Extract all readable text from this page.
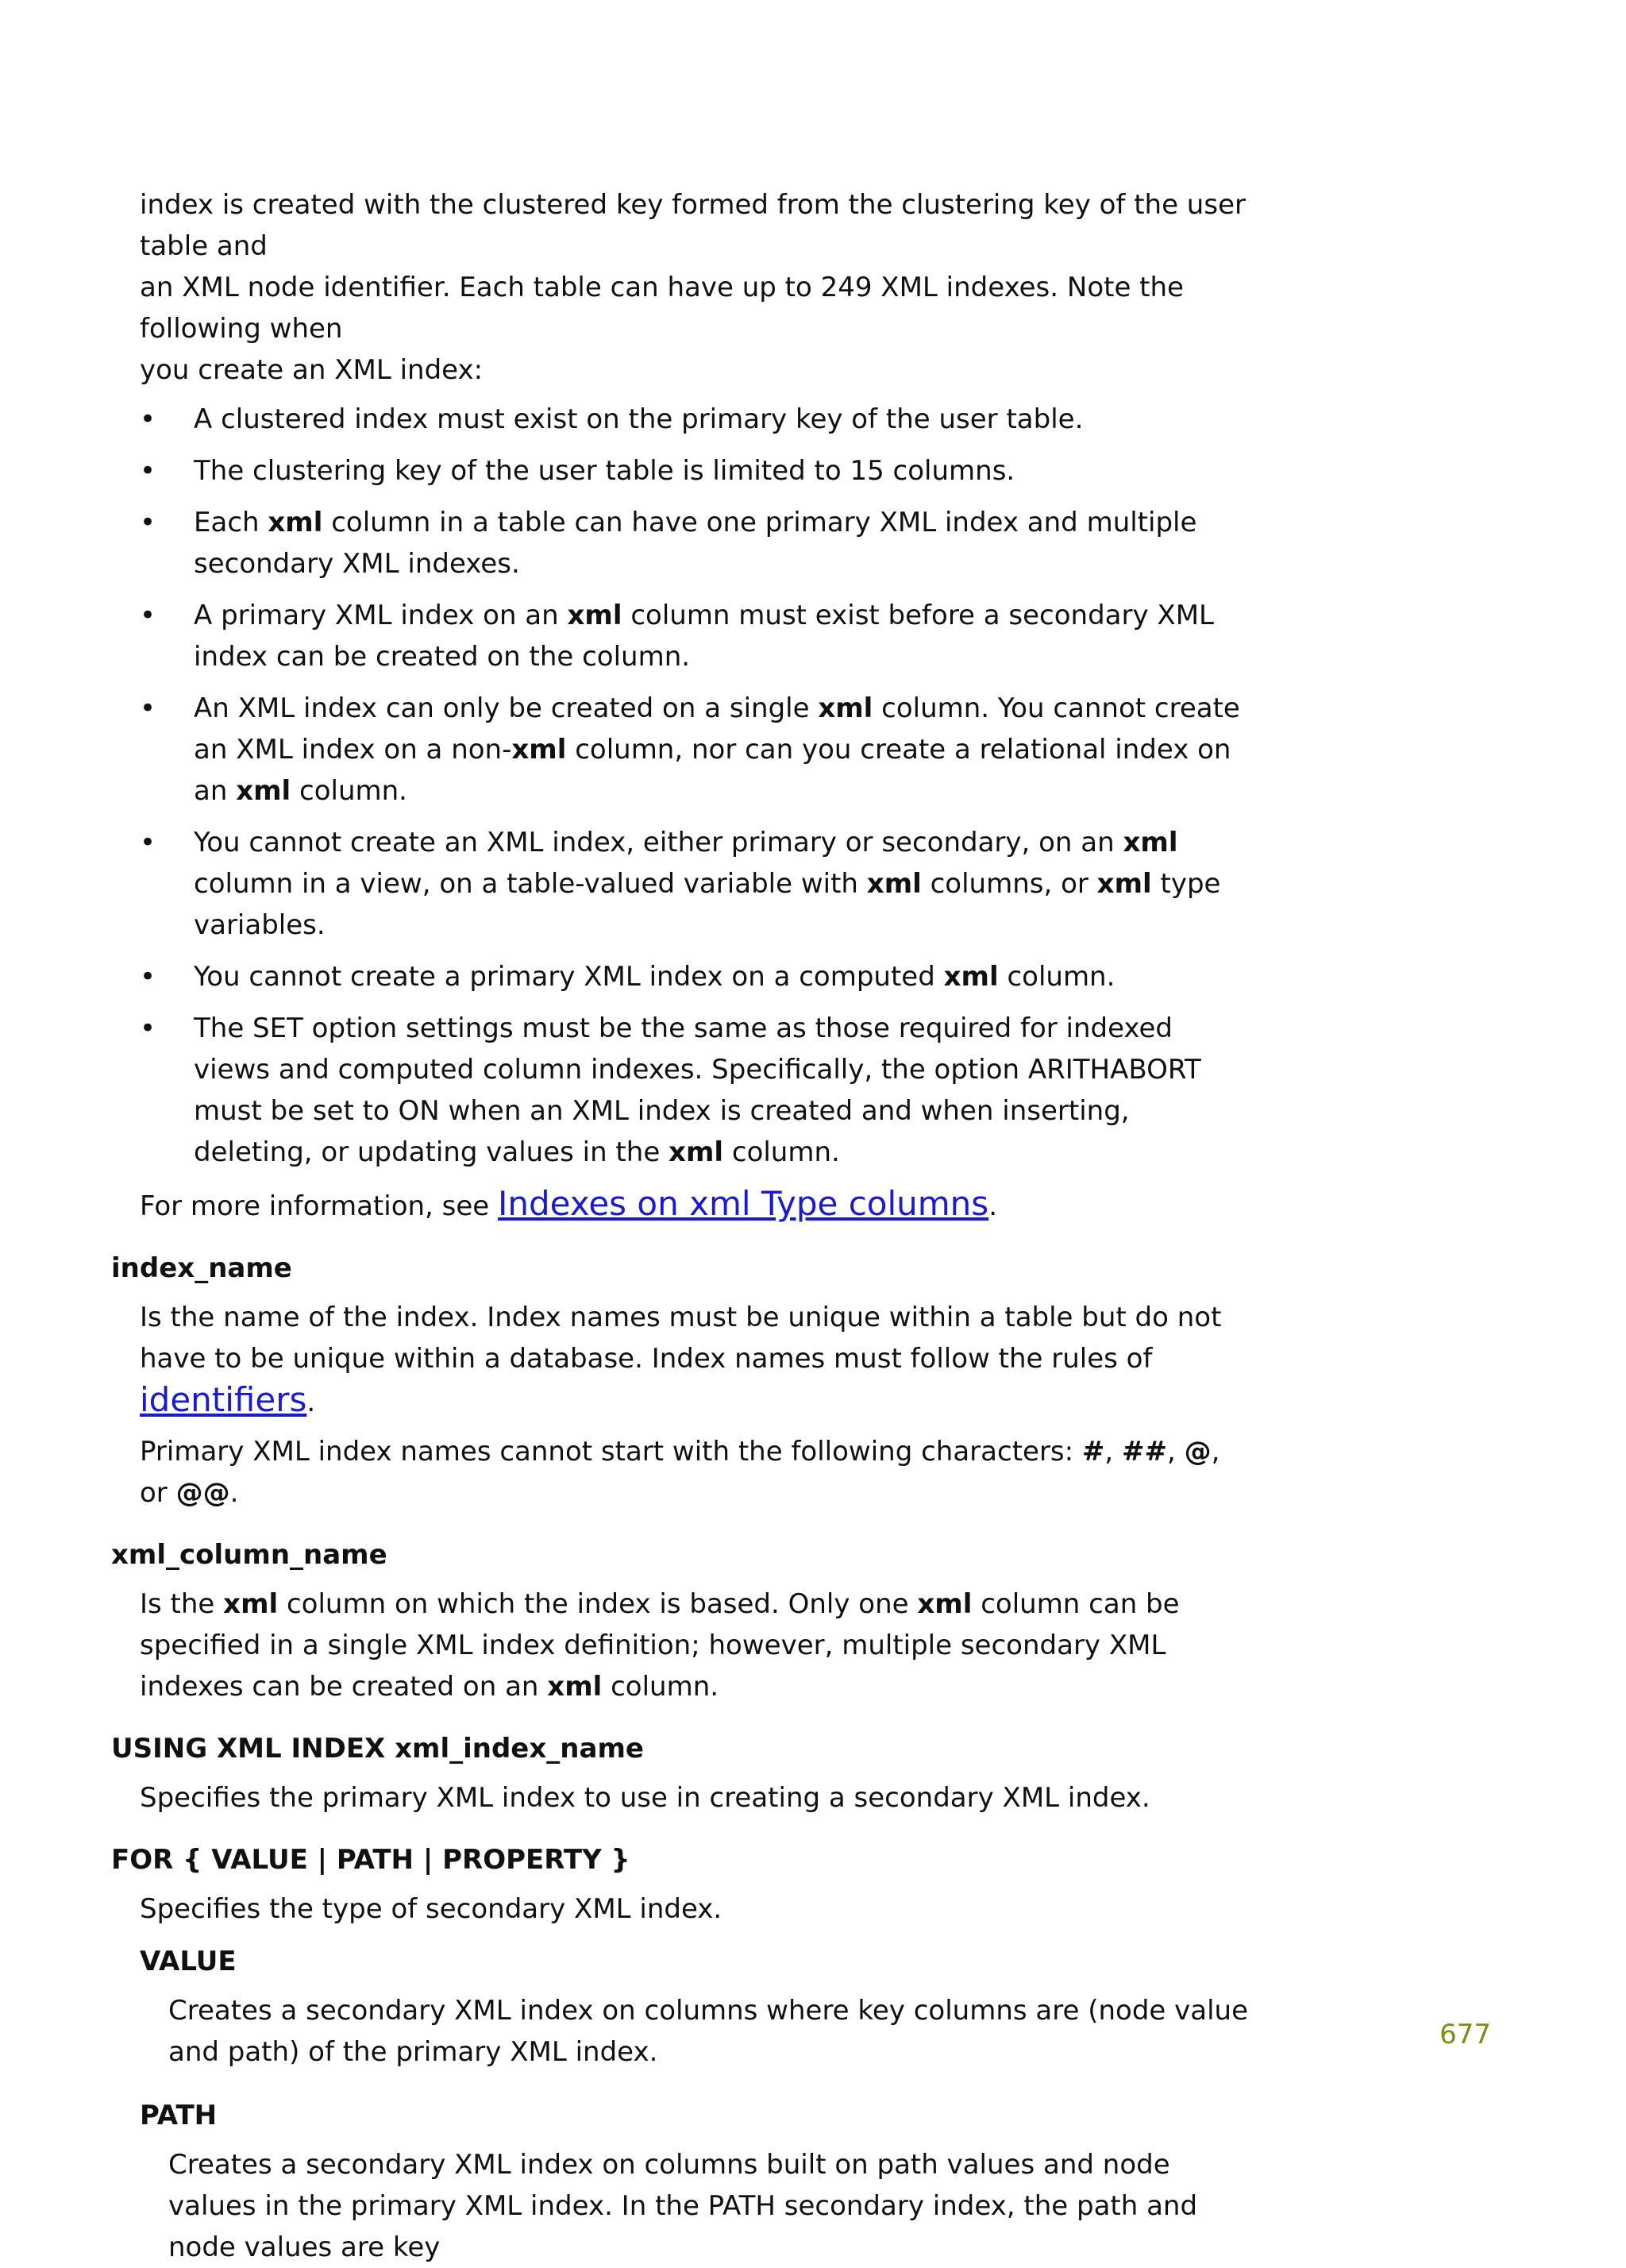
index is created with the clustered key formed from the clustering key of the user table and
an XML node identifier. Each table can have up to 249 XML indexes. Note the following when
you create an XML index:

• A clustered index must exist on the primary key of the user table.
• The clustering key of the user table is limited to 15 columns.
• Each xml column in a table can have one primary XML index and multiple secondary XML indexes.
• A primary XML index on an xml column must exist before a secondary XML index can be created on the column.
• An XML index can only be created on a single xml column. You cannot create an XML index on a non-xml column, nor can you create a relational index on an xml column.
• You cannot create an XML index, either primary or secondary, on an xml column in a view, on a table-valued variable with xml columns, or xml type variables.
• You cannot create a primary XML index on a computed xml column.
• The SET option settings must be the same as those required for indexed views and computed column indexes. Specifically, the option ARITHABORT must be set to ON when an XML index is created and when inserting, deleting, or updating values in the xml column.

For more information, see Indexes on xml Type columns.

index_name

Is the name of the index. Index names must be unique within a table but do not have to be unique within a database. Index names must follow the rules of identifiers.

Primary XML index names cannot start with the following characters: #, ##, @, or @@.

xml_column_name

Is the xml column on which the index is based. Only one xml column can be specified in a single XML index definition; however, multiple secondary XML indexes can be created on an xml column.

USING XML INDEX xml_index_name

Specifies the primary XML index to use in creating a secondary XML index.

FOR { VALUE | PATH | PROPERTY }

Specifies the type of secondary XML index.

VALUE

Creates a secondary XML index on columns where key columns are (node value and path) of the primary XML index.

PATH

Creates a secondary XML index on columns built on path values and node values in the primary XML index. In the PATH secondary index, the path and node values are key

677
